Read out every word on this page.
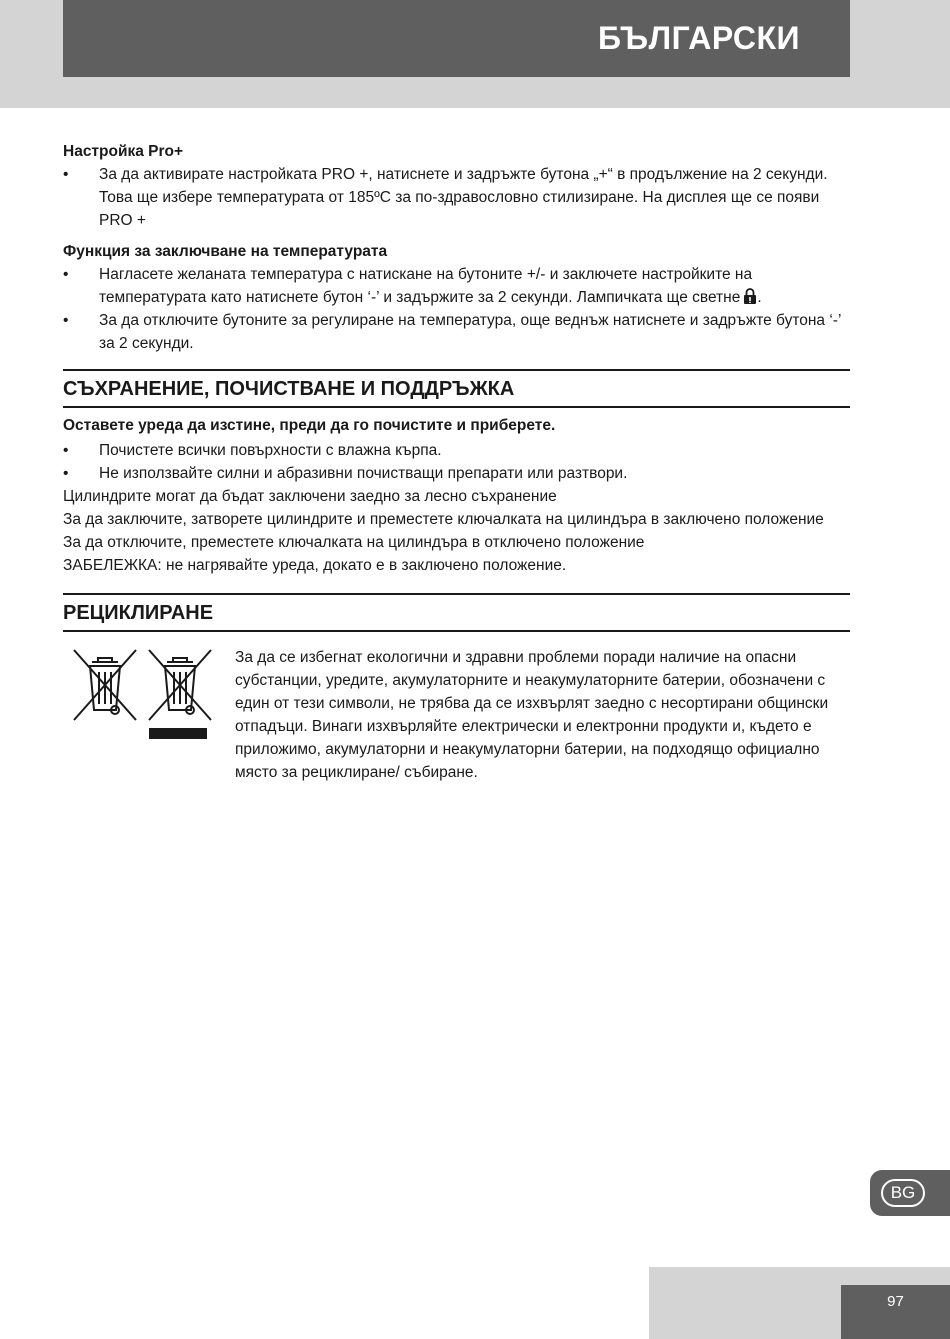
БЪЛГАРСКИ

Настройка Pro+

• За да активирате настройката PRO +, натиснете и задръжте бутона „+“ в продължение на 2 секунди. Това ще избере температурата от 185ºC за по-здравословно стилизиране. На дисплея ще се появи PRO +

Функция за заключване на температурата

• Нагласете желаната температура с натискане на бутоните +/- и заключете настройките на температурата като натиснете бутон ‘-’ и задържите за 2 секунди. Лампичката ще светне .
• За да отключите бутоните за регулиране на температура, още веднъж натиснете и задръжте бутона ‘-’ за 2 секунди.
СЪХРАНЕНИЕ, ПОЧИСТВАНЕ И ПОДДРЪЖКА

Оставете уреда да изстине, преди да го почистите и приберете.

• Почистете всички повърхности с влажна кърпа.
• Не използвайте силни и абразивни почистващи препарати или разтвори.

Цилиндрите могат да бъдат заключени заедно за лесно съхранение

За да заключите, затворете цилиндрите и преместете ключалката на цилиндъра в заключено положение

За да отключите, преместете ключалката на цилиндъра в отключено положение

ЗАБЕЛЕЖКА: не нагрявайте уреда, докато е в заключено положение.

РЕЦИКЛИРАНЕ
За да се избегнат екологични и здравни проблеми поради наличие на опасни субстанции, уредите, акумулаторните и неакумулаторните батерии, обозначени с един от тези символи, не трябва да се изхвърлят заедно с несортирани общински отпадъци. Винаги изхвърляйте електрически и електронни продукти и, където е приложимо, акумулаторни и неакумулаторни батерии, на подходящо официално място за рециклиране/ събиране.
BG
97
